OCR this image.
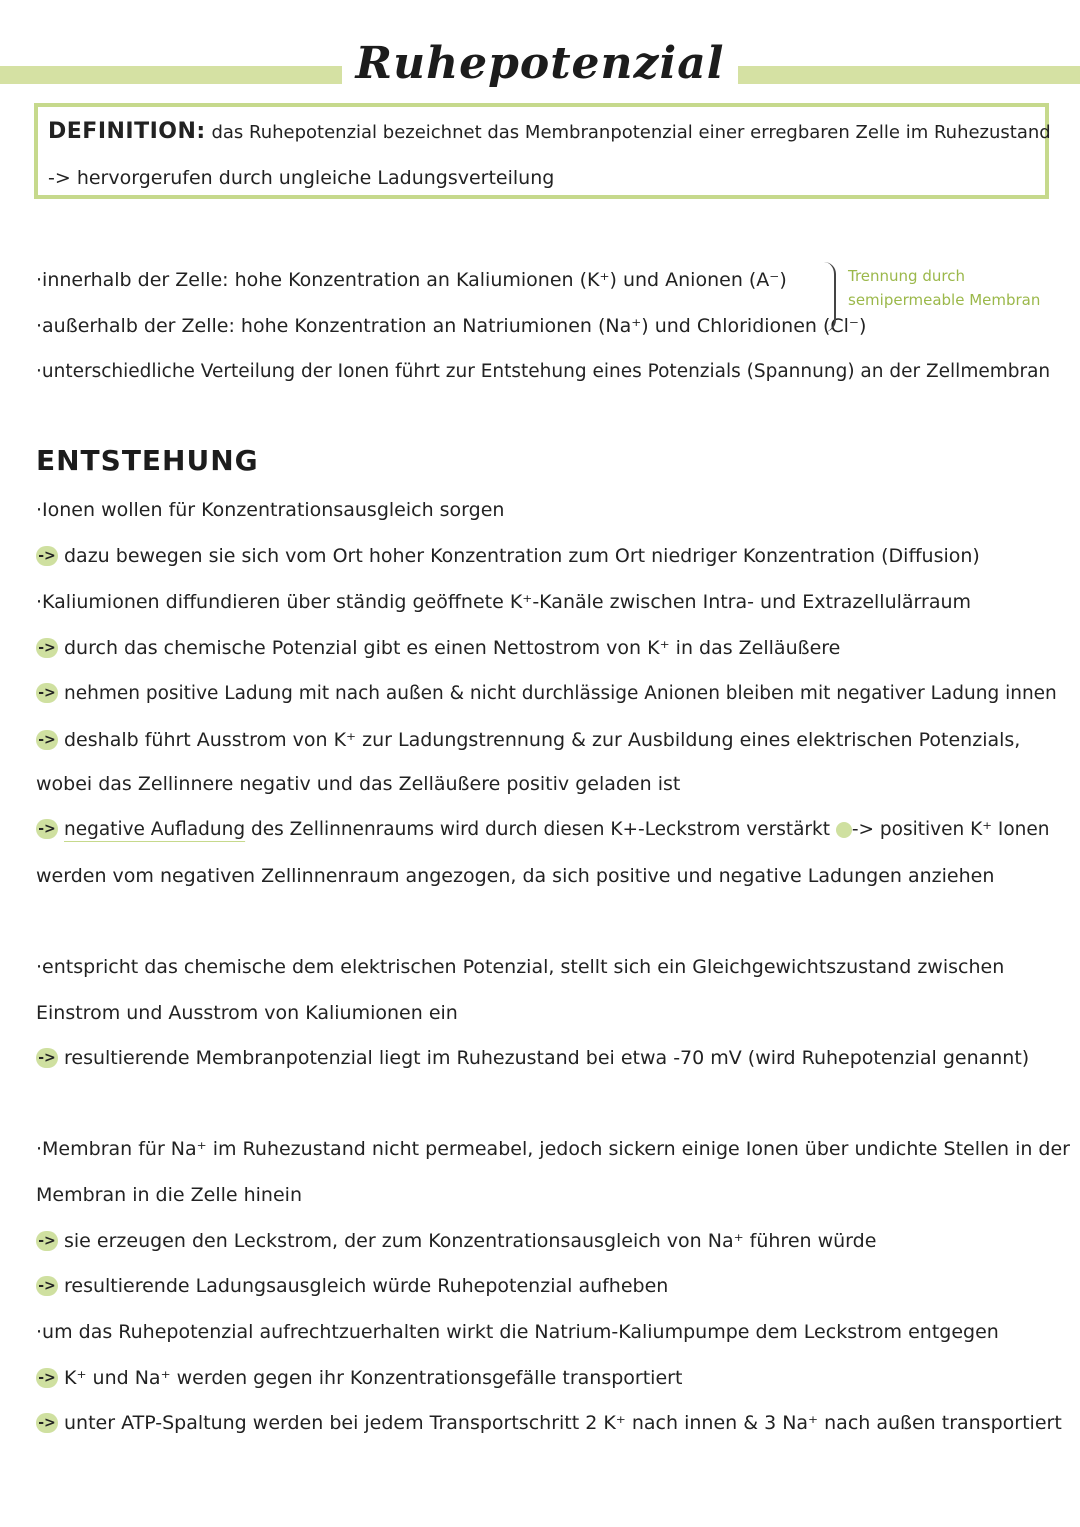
Ruhepotenzial
DEFINITION: das Ruhepotenzial bezeichnet das Membranpotenzial einer erregbaren Zelle im Ruhezustand
-> hervorgerufen durch ungleiche Ladungsverteilung
·innerhalb der Zelle: hohe Konzentration an Kaliumionen (K⁺) und Anionen (A⁻)
·außerhalb der Zelle: hohe Konzentration an Natriumionen (Na⁺) und Chloridionen (Cl⁻)
Trennung durch
semipermeable Membran
·unterschiedliche Verteilung der Ionen führt zur Entstehung eines Potenzials (Spannung) an der Zellmembran
ENTSTEHUNG
·Ionen wollen für Konzentrationsausgleich sorgen
-> dazu bewegen sie sich vom Ort hoher Konzentration zum Ort niedriger Konzentration (Diffusion)
·Kaliumionen diffundieren über ständig geöffnete K⁺-Kanäle zwischen Intra- und Extrazellulärraum
-> durch das chemische Potenzial gibt es einen Nettostrom von K⁺ in das Zelläußere
-> nehmen positive Ladung mit nach außen & nicht durchlässige Anionen bleiben mit negativer Ladung innen
-> deshalb führt Ausstrom von K⁺ zur Ladungstrennung & zur Ausbildung eines elektrischen Potenzials,
wobei das Zellinnere negativ und das Zelläußere positiv geladen ist
-> negative Aufladung des Zellinnenraums wird durch diesen K+-Leckstrom verstärkt -> positiven K⁺ Ionen
werden vom negativen Zellinnenraum angezogen, da sich positive und negative Ladungen anziehen
·entspricht das chemische dem elektrischen Potenzial, stellt sich ein Gleichgewichtszustand zwischen
Einstrom und Ausstrom von Kaliumionen ein
-> resultierende Membranpotenzial liegt im Ruhezustand bei etwa -70 mV (wird Ruhepotenzial genannt)
·Membran für Na⁺ im Ruhezustand nicht permeabel, jedoch sickern einige Ionen über undichte Stellen in der
Membran in die Zelle hinein
-> sie erzeugen den Leckstrom, der zum Konzentrationsausgleich von Na⁺ führen würde
-> resultierende Ladungsausgleich würde Ruhepotenzial aufheben
·um das Ruhepotenzial aufrechtzuerhalten wirkt die Natrium-Kaliumpumpe dem Leckstrom entgegen
-> K⁺ und Na⁺ werden gegen ihr Konzentrationsgefälle transportiert
-> unter ATP-Spaltung werden bei jedem Transportschritt 2 K⁺ nach innen & 3 Na⁺ nach außen transportiert
